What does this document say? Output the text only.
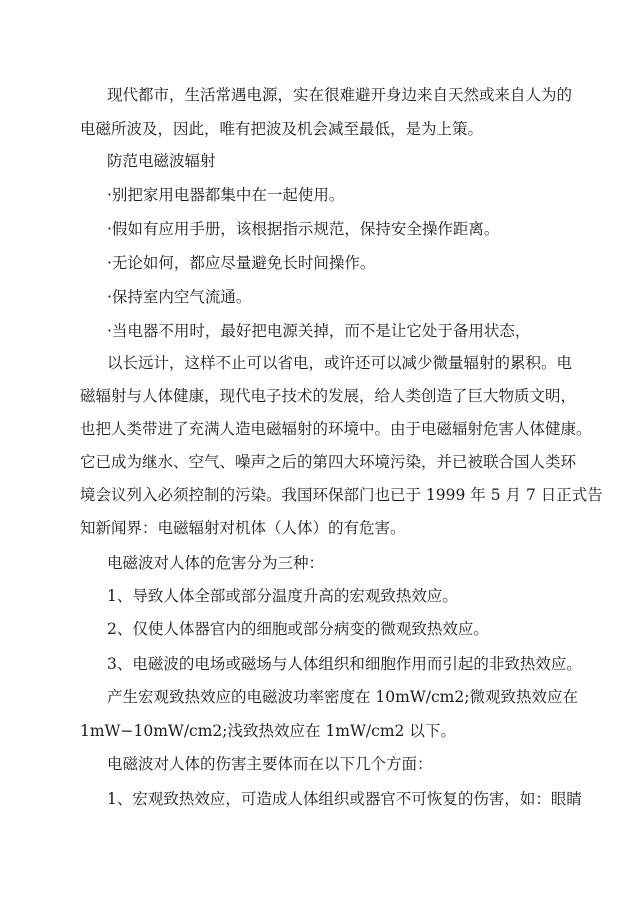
现代都市，生活常遇电源，实在很难避开身边来自天然或来自人为的
电磁所波及，因此，唯有把波及机会减至最低，是为上策。
防范电磁波辐射
·别把家用电器都集中在一起使用。
·假如有应用手册，该根据指示规范，保持安全操作距离。
·无论如何，都应尽量避免长时间操作。
·保持室内空气流通。
·当电器不用时，最好把电源关掉，而不是让它处于备用状态，
以长远计，这样不止可以省电，或许还可以减少微量辐射的累积。电
磁辐射与人体健康，现代电子技术的发展，给人类创造了巨大物质文明，
也把人类带进了充满人造电磁辐射的环境中。由于电磁辐射危害人体健康。
它已成为继水、空气、噪声之后的第四大环境污染，并已被联合国人类环
境会议列入必须控制的污染。我国环保部门也已于 1999 年 5 月 7 日正式告
知新闻界：电磁辐射对机体（人体）的有危害。
电磁波对人体的危害分为三种：
1、导致人体全部或部分温度升高的宏观致热效应。
2、仅使人体器官内的细胞或部分病变的微观致热效应。
3、电磁波的电场或磁场与人体组织和细胞作用而引起的非致热效应。
产生宏观致热效应的电磁波功率密度在 10mW/cm2;微观致热效应在
1mW−10mW/cm2;浅致热效应在 1mW/cm2 以下。
电磁波对人体的伤害主要体而在以下几个方面：
1、宏观致热效应，可造成人体组织或器官不可恢复的伤害，如：眼睛
